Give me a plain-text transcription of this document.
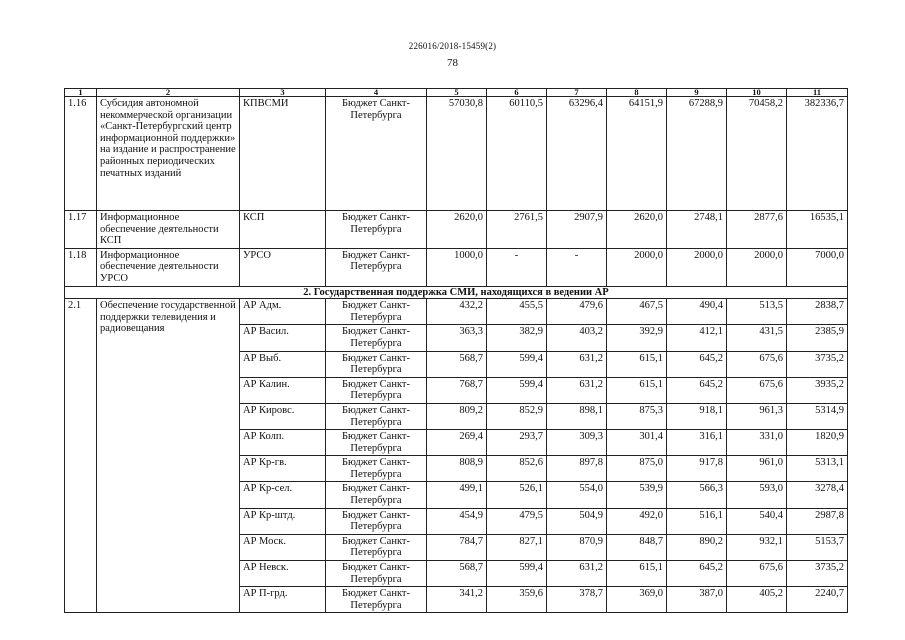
226016/2018-15459(2)
78
1	2	3	4	5	6	7	8	9	10	11
1.16	Субсидия автономной некоммерческой организации «Санкт-Петербургский центр информационной поддержки» на издание и распространение районных периодических печатных изданий	КПВСМИ	Бюджет Санкт-Петербурга	57030,8	60110,5	63296,4	64151,9	67288,9	70458,2	382336,7
1.17	Информационное обеспечение деятельности КСП	КСП	Бюджет Санкт-Петербурга	2620,0	2761,5	2907,9	2620,0	2748,1	2877,6	16535,1
1.18	Информационное обеспечение деятельности УРСО	УРСО	Бюджет Санкт-Петербурга	1000,0	-	-	2000,0	2000,0	2000,0	7000,0
2. Государственная поддержка СМИ, находящихся в ведении АР										
2.1	Обеспечение государственной поддержки телевидения и радиовещания	АР Адм.	Бюджет Санкт-Петербурга	432,2	455,5	479,6	467,5	490,4	513,5	2838,7
		АР Васил.	Бюджет Санкт-Петербурга	363,3	382,9	403,2	392,9	412,1	431,5	2385,9
		АР Выб.	Бюджет Санкт-Петербурга	568,7	599,4	631,2	615,1	645,2	675,6	3735,2
		АР Калин.	Бюджет Санкт-Петербурга	768,7	599,4	631,2	615,1	645,2	675,6	3935,2
		АР Кировс.	Бюджет Санкт-Петербурга	809,2	852,9	898,1	875,3	918,1	961,3	5314,9
		АР Колп.	Бюджет Санкт-Петербурга	269,4	293,7	309,3	301,4	316,1	331,0	1820,9
		АР Кр-гв.	Бюджет Санкт-Петербурга	808,9	852,6	897,8	875,0	917,8	961,0	5313,1
		АР Кр-сел.	Бюджет Санкт-Петербурга	499,1	526,1	554,0	539,9	566,3	593,0	3278,4
		АР Кр-штд.	Бюджет Санкт-Петербурга	454,9	479,5	504,9	492,0	516,1	540,4	2987,8
		АР Моск.	Бюджет Санкт-Петербурга	784,7	827,1	870,9	848,7	890,2	932,1	5153,7
		АР Невск.	Бюджет Санкт-Петербурга	568,7	599,4	631,2	615,1	645,2	675,6	3735,2
		АР П-грд.	Бюджет Санкт-Петербурга	341,2	359,6	378,7	369,0	387,0	405,2	2240,7
